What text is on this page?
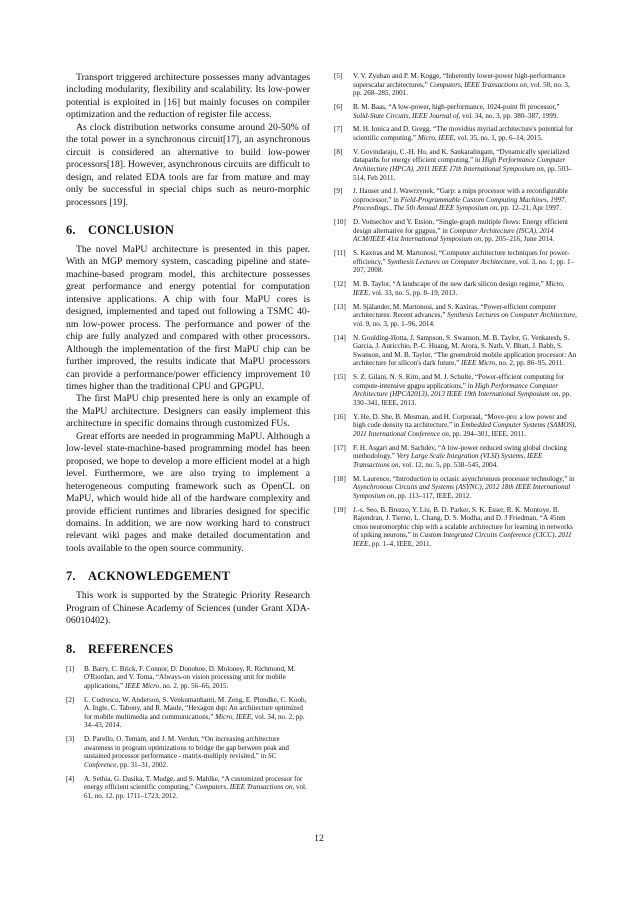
Transport triggered architecture possesses many advantages including modularity, flexibility and scalability. Its low-power potential is exploited in [16] but mainly focuses on compiler optimization and the reduction of register file access.

As clock distribution networks consume around 20-50% of the total power in a synchronous circuit[17], an asynchronous circuit is considered an alternative to build low-power processors[18]. However, asynchronous circuits are difficult to design, and related EDA tools are far from mature and may only be successful in special chips such as neuro-morphic processors [19].

6. CONCLUSION

The novel MaPU architecture is presented in this paper. With an MGP memory system, cascading pipeline and state-machine-based program model, this architecture possesses great performance and energy potential for computation intensive applications. A chip with four MaPU cores is designed, implemented and taped out following a TSMC 40-nm low-power process. The performance and power of the chip are fully analyzed and compared with other processors. Although the implementation of the first MaPU chip can be further improved, the results indicate that MaPU processors can provide a performance/power efficiency improvement 10 times higher than the traditional CPU and GPGPU.

The first MaPU chip presented here is only an example of the MaPU architecture. Designers can easily implement this architecture in specific domains through customized FUs.

Great efforts are needed in programming MaPU. Although a low-level state-machine-based programming model has been proposed, we hope to develop a more efficient model at a high level. Furthermore, we are also trying to implement a heterogeneous computing framework such as OpenCL on MaPU, which would hide all of the hardware complexity and provide efficient runtimes and libraries designed for specific domains. In addition, we are now working hard to construct relevant wiki pages and make detailed documentation and tools available to the open source community.

7. ACKNOWLEDGEMENT

This work is supported by the Strategic Priority Research Program of Chinese Academy of Sciences (under Grant XDA-06010402).

8. REFERENCES
[1] B. Barry, C. Brick, F. Connor, D. Donohoe, D. Moloney, R. Richmond, M. O'Riordan, and V. Toma, “Always-on vision processing unit for mobile applications,” IEEE Micro, no. 2, pp. 56–66, 2015.
[2] L. Codrescu, W. Anderson, S. Venkumanhanti, M. Zeng, E. Plondke, C. Koob, A. Ingle, C. Tabony, and R. Maule, “Hexagon dsp: An architecture optimized for mobile multimedia and communications,” Micro, IEEE, vol. 34, no. 2, pp. 34–43, 2014.
[3] D. Parello, O. Temam, and J. M. Verdun, “On increasing architecture awareness in program optimizations to bridge the gap between peak and sustained processor performance - matrix-multiply revisited,” in SC Conference, pp. 31–31, 2002.
[4] A. Sethia, G. Dasika, T. Mudge, and S. Mahlke, “A customized processor for energy efficient scientific computing,” Computers, IEEE Transactions on, vol. 61, no. 12, pp. 1711–1723, 2012.
[5] V. V. Zyuban and P. M. Kogge, “Inherently lower-power high-performance superscalar architectures,” Computers, IEEE Transactions on, vol. 50, no. 3, pp. 268–285, 2001.
[6] B. M. Baas, “A low-power, high-performance, 1024-point fft processor,” Solid-State Circuits, IEEE Journal of, vol. 34, no. 3, pp. 380–387, 1999.
[7] M. H. Ionica and D. Gregg, “The movidius myriad architecture's potential for scientific computing,” Micro, IEEE, vol. 35, no. 1, pp. 6–14, 2015.
[8] V. Govindaraju, C.-H. Ho, and K. Sankaralingam, “Dynamically specialized datapaths for energy efficient computing,” in High Performance Computer Architecture (HPCA), 2011 IEEE 17th International Symposium on, pp. 503–514, Feb 2011.
[9] J. Hauser and J. Wawrzynek, “Garp: a mips processor with a reconfigurable coprocessor,” in Field-Programmable Custom Computing Machines, 1997. Proceedings., The 5th Annual IEEE Symposium on, pp. 12–21, Apr 1997.
[10] D. Voitsechov and Y. Etsion, “Single-graph multiple flows: Energy efficient design alternative for gpgpus,” in Computer Architecture (ISCA), 2014 ACM/IEEE 41st International Symposium on, pp. 205–216, June 2014.
[11] S. Kaxiras and M. Martonosi, “Computer architecture techniques for power-efficiency,” Synthesis Lectures on Computer Architecture, vol. 3, no. 1, pp. 1–207, 2008.
[12] M. B. Taylor, “A landscape of the new dark silicon design regime,” Micro, IEEE, vol. 33, no. 5, pp. 8–19, 2013.
[13] M. Själander, M. Martonosi, and S. Kaxiras, “Power-efficient computer architectures: Recent advances,” Synthesis Lectures on Computer Architecture, vol. 9, no. 3, pp. 1–96, 2014.
[14] N. Goulding-Hotta, J. Sampson, S. Swanson, M. B. Taylor, G. Venkatesh, S. Garcia, J. Auricchio, P.-C. Huang, M. Arora, S. Nath, V. Bhatt, J. Babb, S. Swanson, and M. B. Taylor, “The greendroid mobile application processor: An architecture for silicon's dark future,” IEEE Micro, no. 2, pp. 86–95, 2011.
[15] S. Z. Gilani, N. S. Kim, and M. J. Schulte, “Power-efficient computing for compute-intensive gpgpu applications,” in High Performance Computer Architecture (HPCA2013), 2013 IEEE 19th International Symposium on, pp. 330–341, IEEE, 2013.
[16] Y. He, D. She, B. Mesman, and H. Corporaal, “Move-pro: a low power and high code density tta architecture,” in Embedded Computer Systems (SAMOS), 2011 International Conference on, pp. 294–301, IEEE, 2011.
[17] F. H. Asgari and M. Sachdev, “A low-power reduced swing global clocking methodology,” Very Large Scale Integration (VLSI) Systems, IEEE Transactions on, vol. 12, no. 5, pp. 538–545, 2004.
[18] M. Laurence, “Introduction to octasic asynchronous processor technology,” in Asynchronous Circuits and Systems (ASYNC), 2012 18th IEEE International Symposium on, pp. 113–117, IEEE, 2012.
[19] J.-s. Seo, B. Brezzo, Y. Liu, B. D. Parker, S. K. Esser, R. K. Montoye, B. Rajendran, J. Tierno, L. Chang, D. S. Modha, and D. J Friedman, “A 45nm cmos neuromorphic chip with a scalable architecture for learning in networks of spiking neurons,” in Custom Integrated Circuits Conference (CICC), 2011 IEEE, pp. 1–4, IEEE, 2011.
12
